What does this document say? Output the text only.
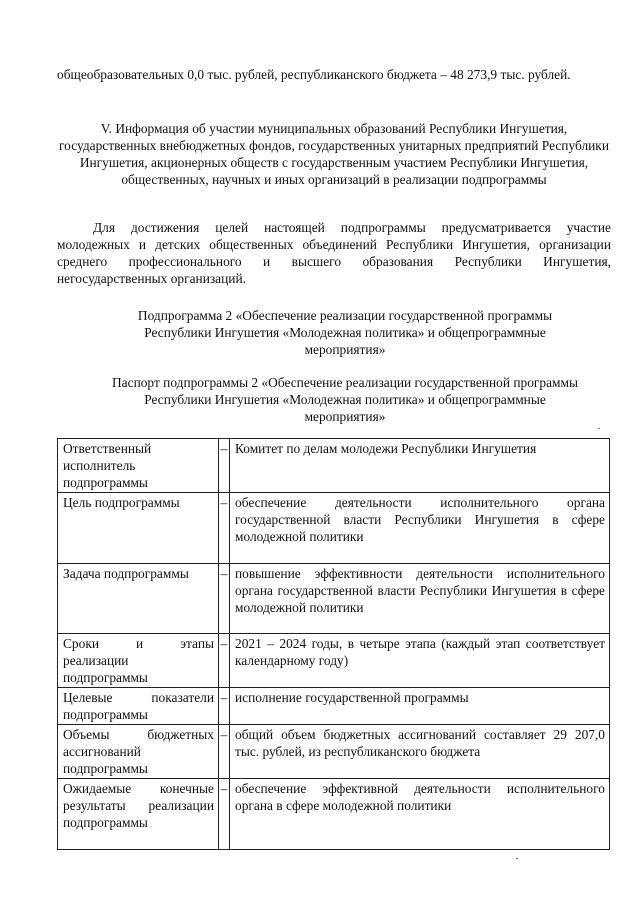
общеобразовательных 0,0 тыс. рублей, республиканского бюджета – 48 273,9 тыс. рублей.
V. Информация об участии муниципальных образований Республики Ингушетия, государственных внебюджетных фондов, государственных унитарных предприятий Республики Ингушетия, акционерных обществ с государственным участием Республики Ингушетия, общественных, научных и иных организаций в реализации подпрограммы
Для достижения целей настоящей подпрограммы предусматривается участие молодежных и детских общественных объединений Республики Ингушетия, организации среднего профессионального и высшего образования Республики Ингушетия, негосударственных организаций.
Подпрограмма 2 «Обеспечение реализации государственной программы Республики Ингушетия «Молодежная политика» и общепрограммные мероприятия»
Паспорт подпрограммы 2 «Обеспечение реализации государственной программы Республики Ингушетия «Молодежная политика» и общепрограммные мероприятия»
Ответственный исполнитель подпрограммы	–	Комитет по делам молодежи Республики Ингушетия
Цель подпрограммы	–	обеспечение деятельности исполнительного органа государственной власти Республики Ингушетия в сфере молодежной политики
Задача подпрограммы	–	повышение эффективности деятельности исполнительного органа государственной власти Республики Ингушетия в сфере молодежной политики
Сроки и этапы реализации подпрограммы	–	2021 – 2024 годы, в четыре этапа (каждый этап соответствует календарному году)
Целевые показатели подпрограммы	–	исполнение государственной программы
Объемы бюджетных ассигнований подпрограммы	–	общий объем бюджетных ассигнований составляет 29 207,0 тыс. рублей, из республиканского бюджета
Ожидаемые конечные результаты реализации подпрограммы	–	обеспечение эффективной деятельности исполнительного органа в сфере молодежной политики
